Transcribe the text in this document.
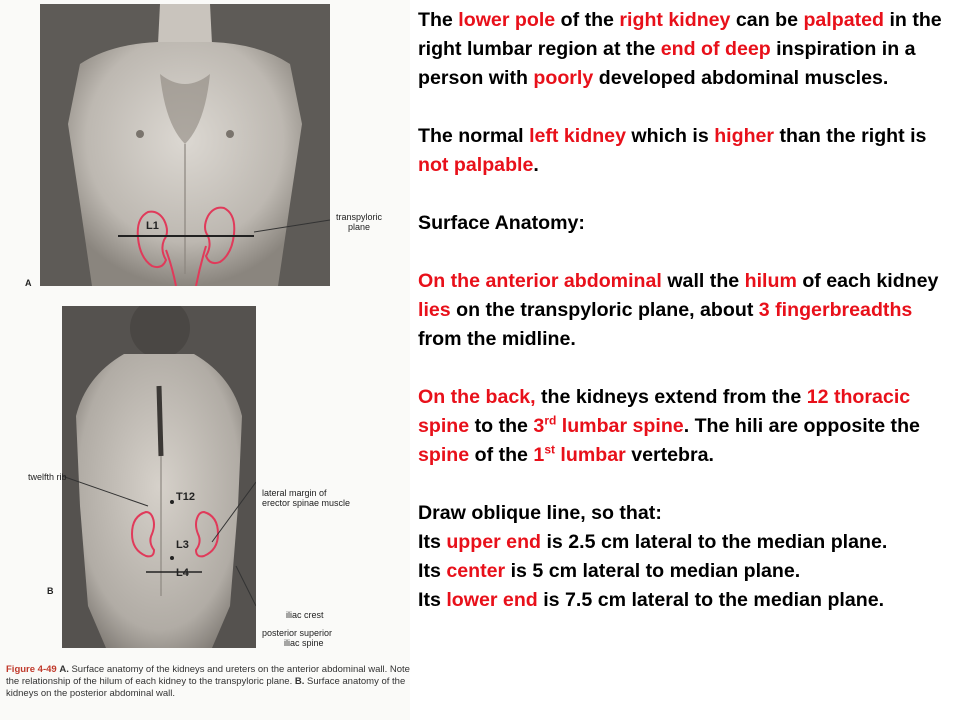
L1
transpyloric
plane
A
T12
L3
L4
twelfth rib
lateral margin of
erector spinae muscle
iliac crest
posterior superior
iliac spine
B
Figure 4-49 A. Surface anatomy of the kidneys and ureters on the anterior abdominal wall. Note the relationship of the hilum of each kidney to the transpyloric plane. B. Surface anatomy of the kidneys on the posterior abdominal wall.

The lower pole of the right kidney can be palpated in the right lumbar region at the end of deep inspiration in a person with poorly developed abdominal muscles.

The normal left kidney which is higher than the right is not palpable.

Surface Anatomy:

On the anterior abdominal wall the hilum of each kidney lies on the transpyloric plane, about 3 fingerbreadths from the midline.

On the back, the kidneys extend from the 12 thoracic spine to the 3rd lumbar spine. The hili are opposite the spine of the 1st lumbar vertebra.

Draw oblique line, so that:

Its upper end is 2.5 cm lateral to the median plane.

Its center is 5 cm lateral to median plane.

Its lower end is 7.5 cm lateral to the median plane.
